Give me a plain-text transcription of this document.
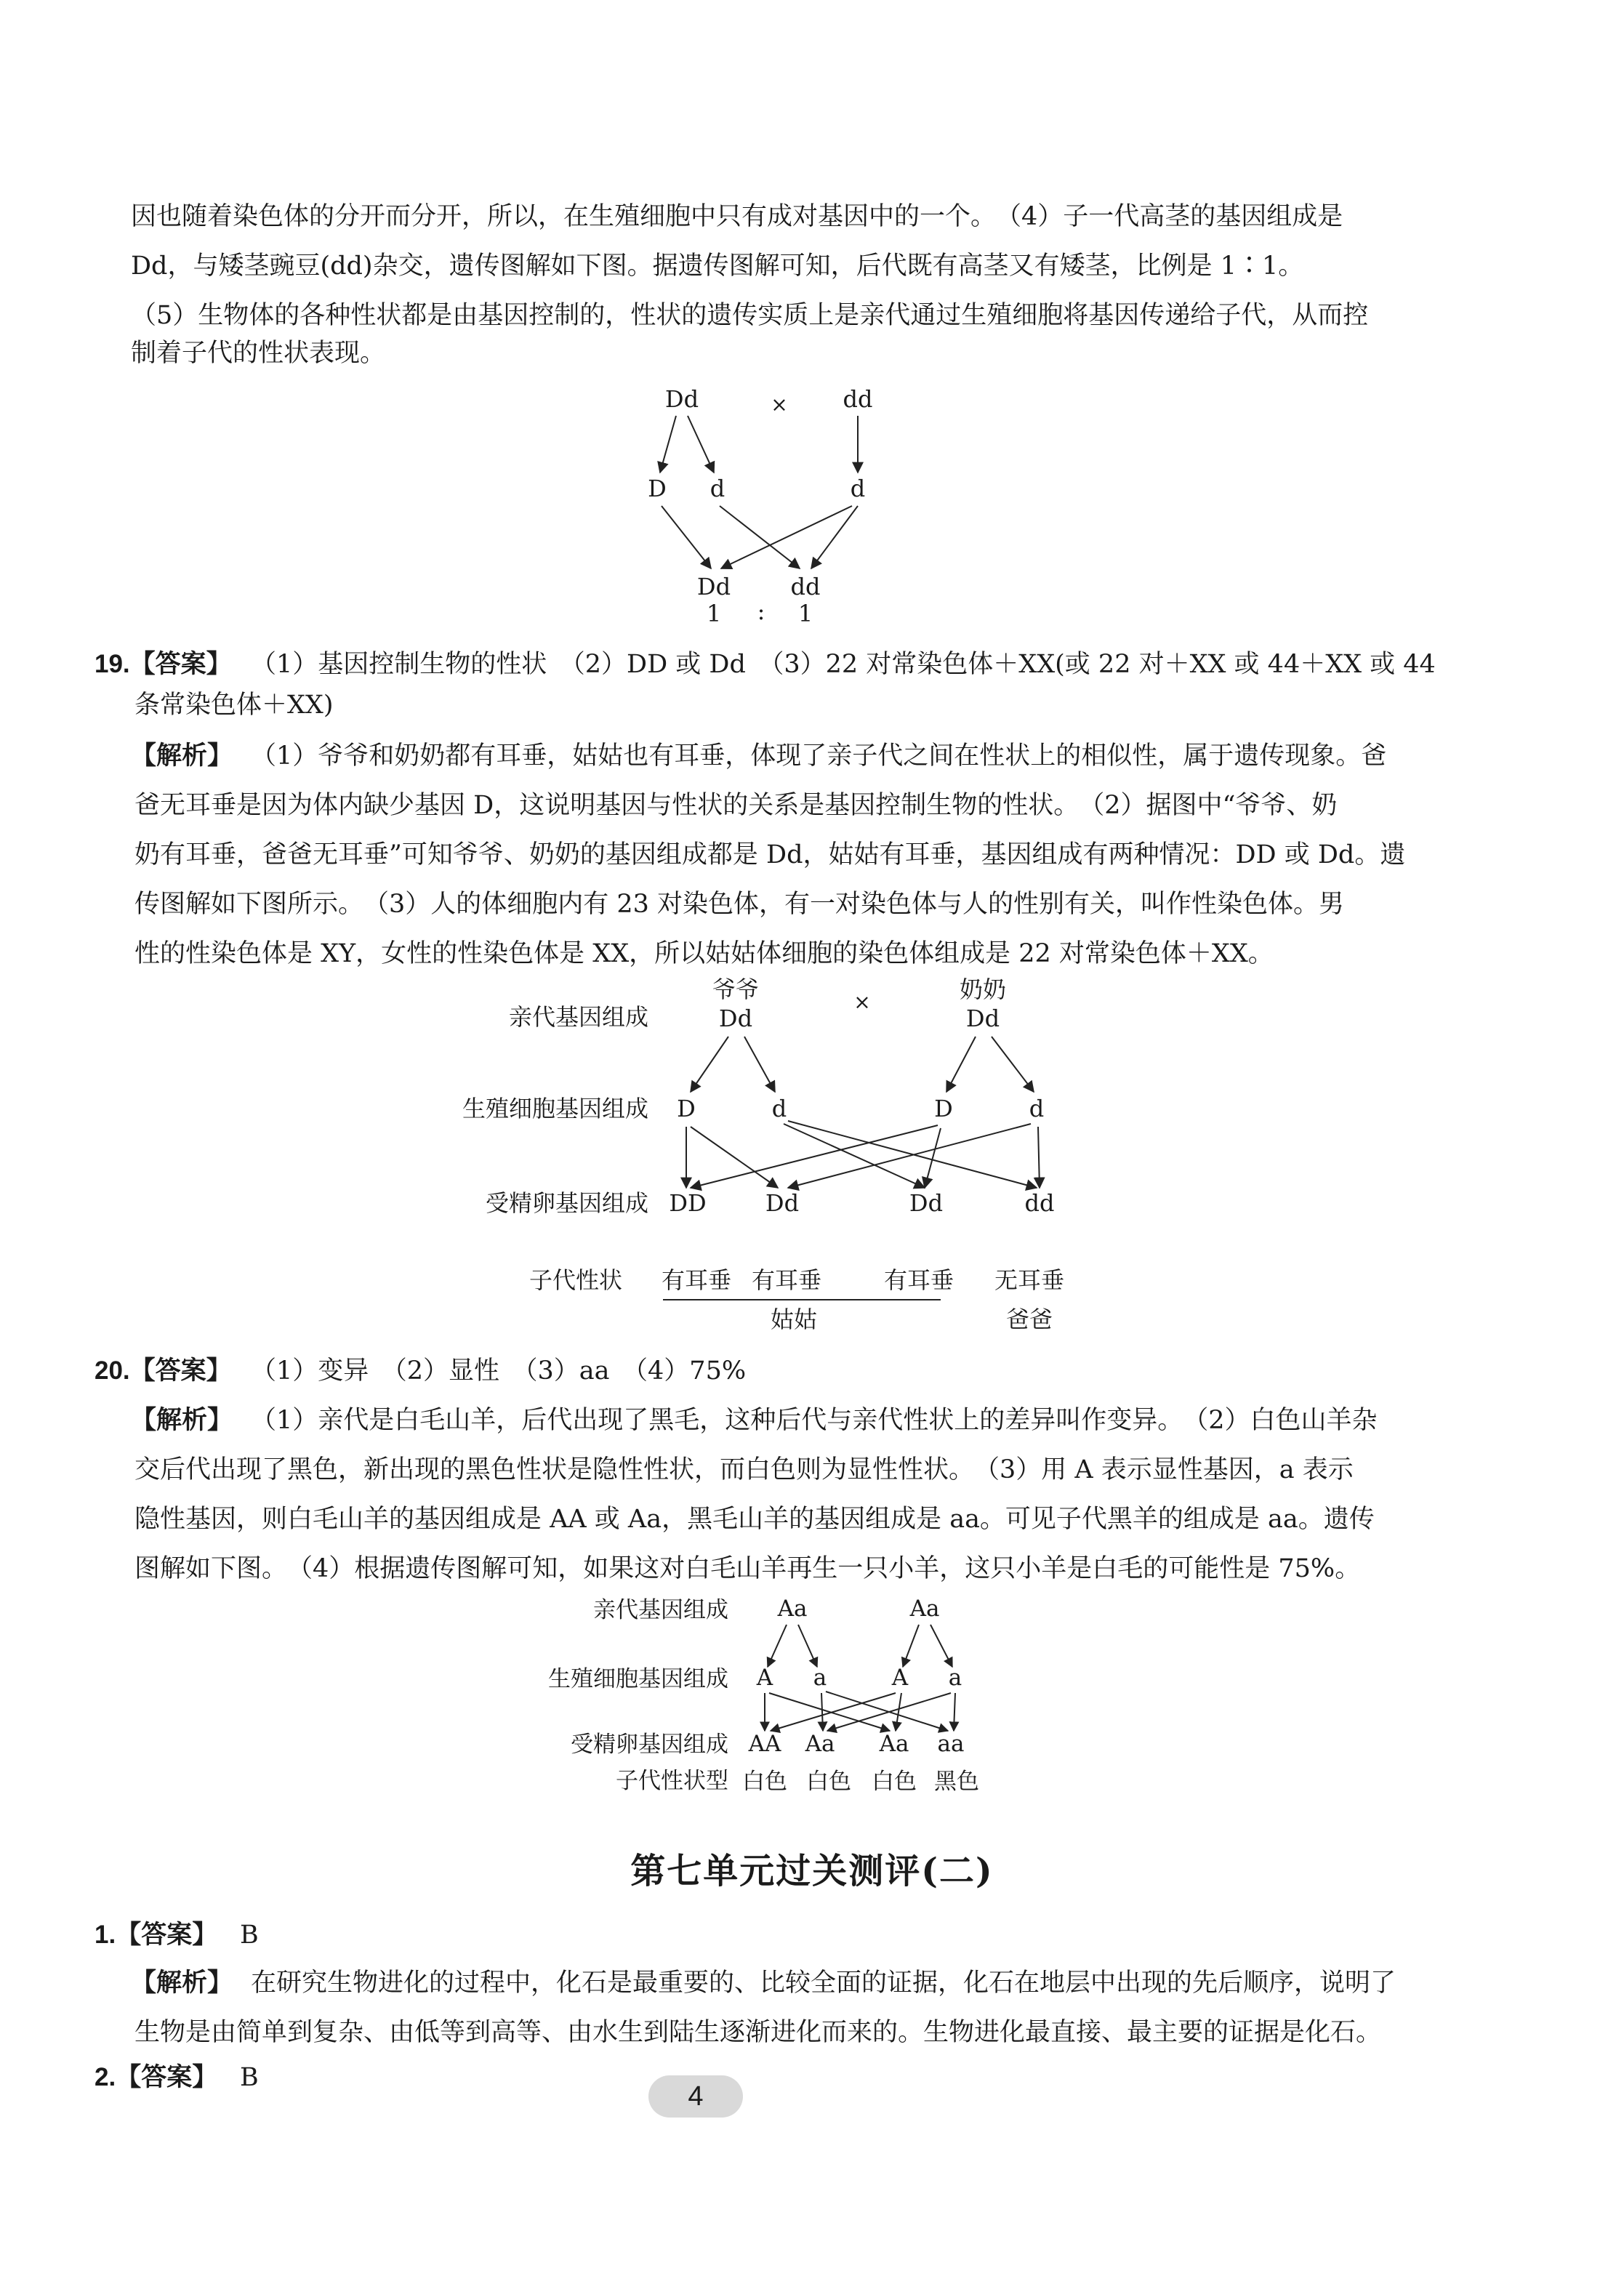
因也随着染色体的分开而分开，所以，在生殖细胞中只有成对基因中的一个。　（4）子一代高茎的基因组成是

Dd，与矮茎豌豆(dd)杂交，遗传图解如下图。据遗传图解可知，后代既有高茎又有矮茎，比例是 1∶1。

（5）生物体的各种性状都是由基因控制的，性状的遗传实质上是亲代通过生殖细胞将基因传递给子代，从而控

制着子代的性状表现。

Dd	× dd
D d	d
Dd	dd
1 : 1
19.【答案】 （1）基因控制生物的性状　（2）DD 或 Dd　（3）22 对常染色体＋XX(或 22 对＋XX 或 44＋XX 或 44

条常染色体＋XX)

【解析】 （1）爷爷和奶奶都有耳垂，姑姑也有耳垂，体现了亲子代之间在性状上的相似性，属于遗传现象。爸

爸无耳垂是因为体内缺少基因 D，这说明基因与性状的关系是基因控制生物的性状。　（2）据图中“爷爷、奶

奶有耳垂，爸爸无耳垂”可知爷爷、奶奶的基因组成都是 Dd，姑姑有耳垂，基因组成有两种情况：DD 或 Dd。遗

传图解如下图所示。　（3）人的体细胞内有 23 对染色体，有一对染色体与人的性别有关，叫作性染色体。男

性的性染色体是 XY，女性的性染色体是 XX，所以姑姑体细胞的染色体组成是 22 对常染色体＋XX。

亲代基因组成
生殖细胞基因组成
受精卵基因组成
子代性状
爷爷	×	奶奶
Dd	Dd
D	d	D	d
DD	Dd	Dd	dd
有耳垂 有耳垂	有耳垂 无耳垂
姑姑	爸爸
20.【答案】 （1）变异　（2）显性　（3）aa　（4）75%

【解析】 （1）亲代是白毛山羊，后代出现了黑毛，这种后代与亲代性状上的差异叫作变异。　（2）白色山羊杂

交后代出现了黑色，新出现的黑色性状是隐性性状，而白色则为显性性状。　（3）用 A 表示显性基因，a 表示

隐性基因，则白毛山羊的基因组成是 AA 或 Aa，黑毛山羊的基因组成是 aa。可见子代黑羊的组成是 aa。遗传

图解如下图。　（4）根据遗传图解可知，如果这对白毛山羊再生一只小羊，这只小羊是白毛的可能性是 75%。

亲代基因组成
生殖细胞基因组成
受精卵基因组成
子代性状型
Aa	Aa
A a	A a
AA Aa Aa aa
白色 白色 白色 黑色
第七单元过关测评(二)
1.【答案】 B

【解析】 在研究生物进化的过程中，化石是最重要的、比较全面的证据，化石在地层中出现的先后顺序，说明了

生物是由简单到复杂、由低等到高等、由水生到陆生逐渐进化而来的。生物进化最直接、最主要的证据是化石。

2.【答案】 B

4
